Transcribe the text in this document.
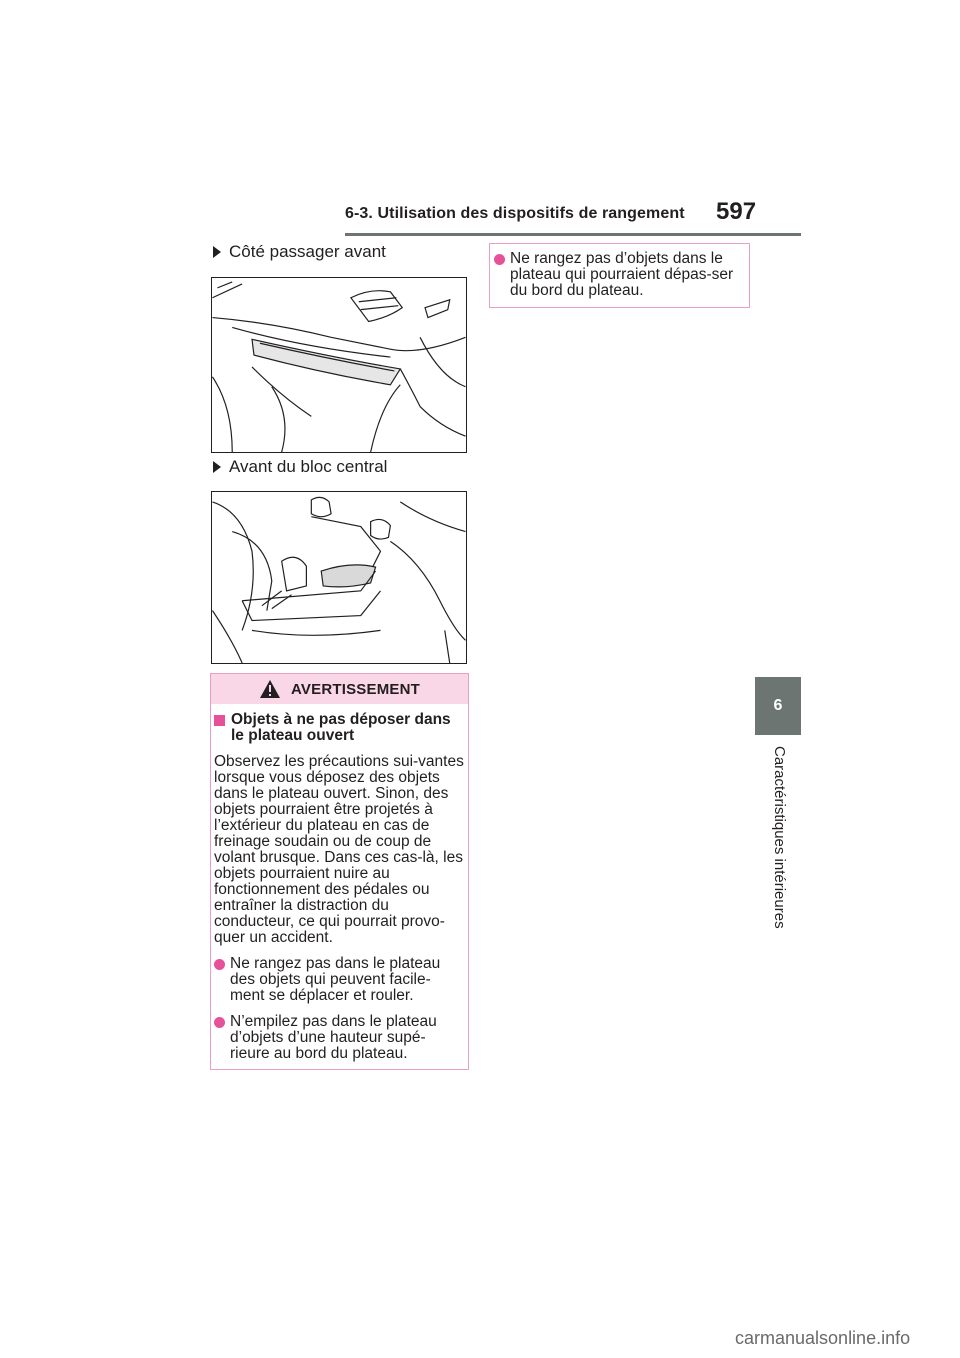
6-3. Utilisation des dispositifs de rangement 597
6
Caractéristiques intérieures
Côté passager avant
Avant du bloc central
AVERTISSEMENT
Objets à ne pas déposer dans le plateau ouvert
Observez les précautions sui-vantes lorsque vous déposez des objets dans le plateau ouvert. Sinon, des objets pourraient être projetés à l’extérieur du plateau en cas de freinage soudain ou de coup de volant brusque. Dans ces cas-là, les objets pourraient nuire au fonctionnement des pédales ou entraîner la distraction du conducteur, ce qui pourrait provo-quer un accident.
Ne rangez pas dans le plateau des objets qui peuvent facile-ment se déplacer et rouler.
N’empilez pas dans le plateau d’objets d’une hauteur supé-rieure au bord du plateau.
Ne rangez pas d’objets dans le plateau qui pourraient dépas-ser du bord du plateau.
carmanualsonline.info
